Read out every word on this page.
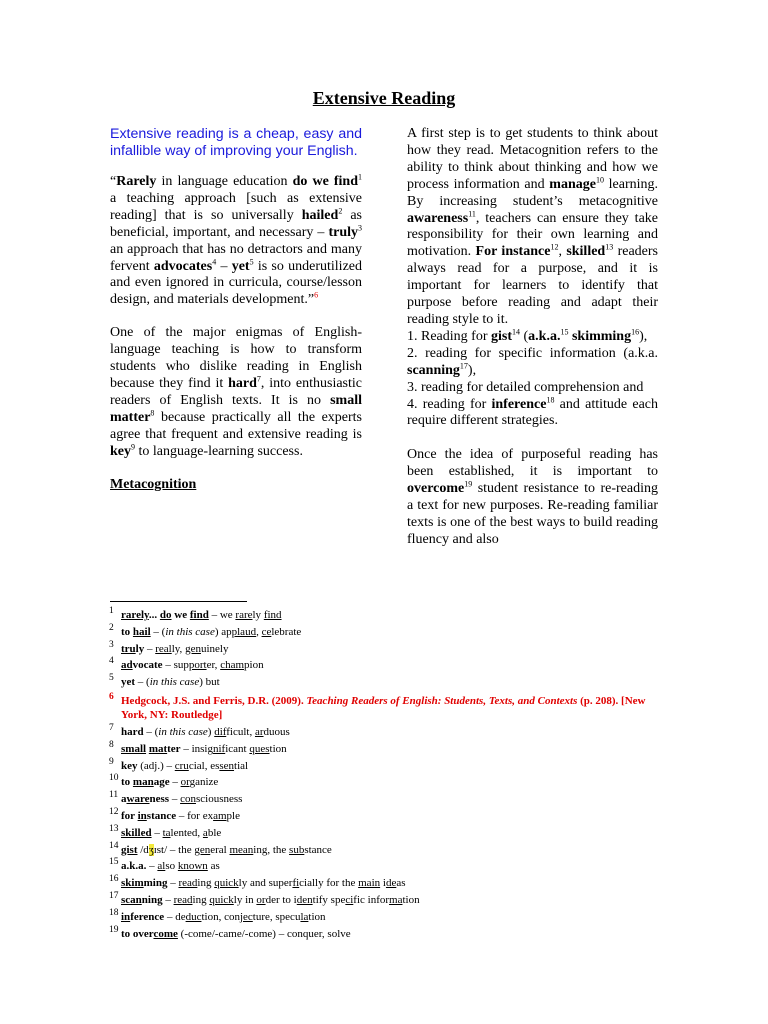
Extensive Reading

Extensive reading is a cheap, easy and infallible way of improving your English.

“Rarely in language education do we find$^1$ a teaching approach [such as extensive reading] that is so universally hailed$^2$ as beneficial, important, and necessary – truly$^3$ an approach that has no detractors and many fervent advocates$^4$ – yet$^5$ is so underutilized and even ignored in curricula, course/lesson design, and materials development.”$^6$

One of the major enigmas of English-language teaching is how to transform students who dislike reading in English because they find it hard$^7$, into enthusiastic readers of English texts. It is no small matter$^8$ because practically all the experts agree that frequent and extensive reading is key$^9$ to language-learning success.

Metacognition

A first step is to get students to think about how they read. Metacognition refers to the ability to think about thinking and how we process information and manage$^{10}$ learning. By increasing student’s metacognitive awareness$^{11}$, teachers can ensure they take responsibility for their own learning and motivation. For instance$^{12}$, skilled$^{13}$ readers always read for a purpose, and it is important for learners to identify that purpose before reading and adapt their reading style to it.

1. Reading for gist$^{14}$ (a.k.a.$^{15}$ skimming$^{16}$),
2. reading for specific information (a.k.a. scanning$^{17}$),
3. reading for detailed comprehension and
4. reading for inference$^{18}$ and attitude each require different strategies.

Once the idea of purposeful reading has been established, it is important to overcome$^{19}$ student resistance to re-reading a text for new purposes. Re-reading familiar texts is one of the best ways to build reading fluency and also

1 rarely... do we find – we rarely find
2 to hail – (in this case) applaud, celebrate
3 truly – really, genuinely
4 advocate – supporter, champion
5 yet – (in this case) but
6 Hedgcock, J.S. and Ferris, D.R. (2009). Teaching Readers of English: Students, Texts, and Contexts (p. 208). [New York, NY: Routledge]
7 hard – (in this case) difficult, arduous
8 small matter – insignificant question
9 key (adj.) – crucial, essential
10 to manage – organize
11 awareness – consciousness
12 for instance – for example
13 skilled – talented, able
14 gist /dʒɪst/ – the general meaning, the substance
15 a.k.a. – also known as
16 skimming – reading quickly and superficially for the main ideas
17 scanning – reading quickly in order to identify specific information
18 inference – deduction, conjecture, speculation
19 to overcome (-come/-came/-come) – conquer, solve
